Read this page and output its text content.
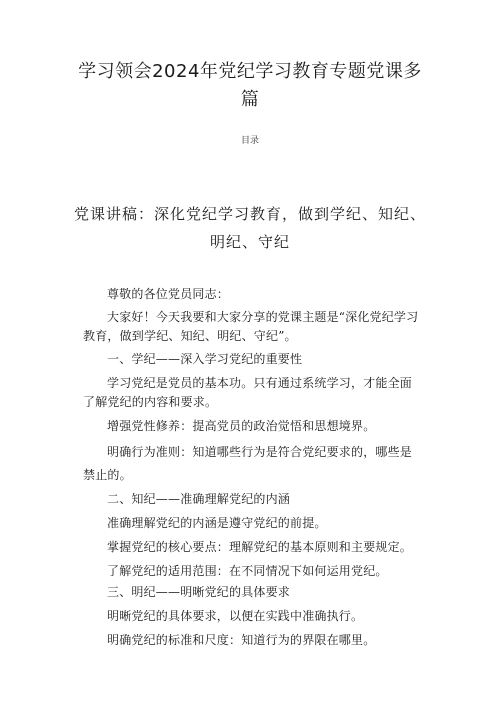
学习领会2024年党纪学习教育专题党课多篇
目录
党课讲稿：深化党纪学习教育，做到学纪、知纪、明纪、守纪

尊敬的各位党员同志：

大家好！今天我要和大家分享的党课主题是“深化党纪学习教育，做到学纪、知纪、明纪、守纪”。

一、学纪——深入学习党纪的重要性

学习党纪是党员的基本功。只有通过系统学习，才能全面了解党纪的内容和要求。

增强党性修养：提高党员的政治觉悟和思想境界。

明确行为准则：知道哪些行为是符合党纪要求的，哪些是禁止的。

二、知纪——准确理解党纪的内涵

准确理解党纪的内涵是遵守党纪的前提。

掌握党纪的核心要点：理解党纪的基本原则和主要规定。

了解党纪的适用范围：在不同情况下如何运用党纪。

三、明纪——明晰党纪的具体要求

明晰党纪的具体要求，以便在实践中准确执行。

明确党纪的标准和尺度：知道行为的界限在哪里。
